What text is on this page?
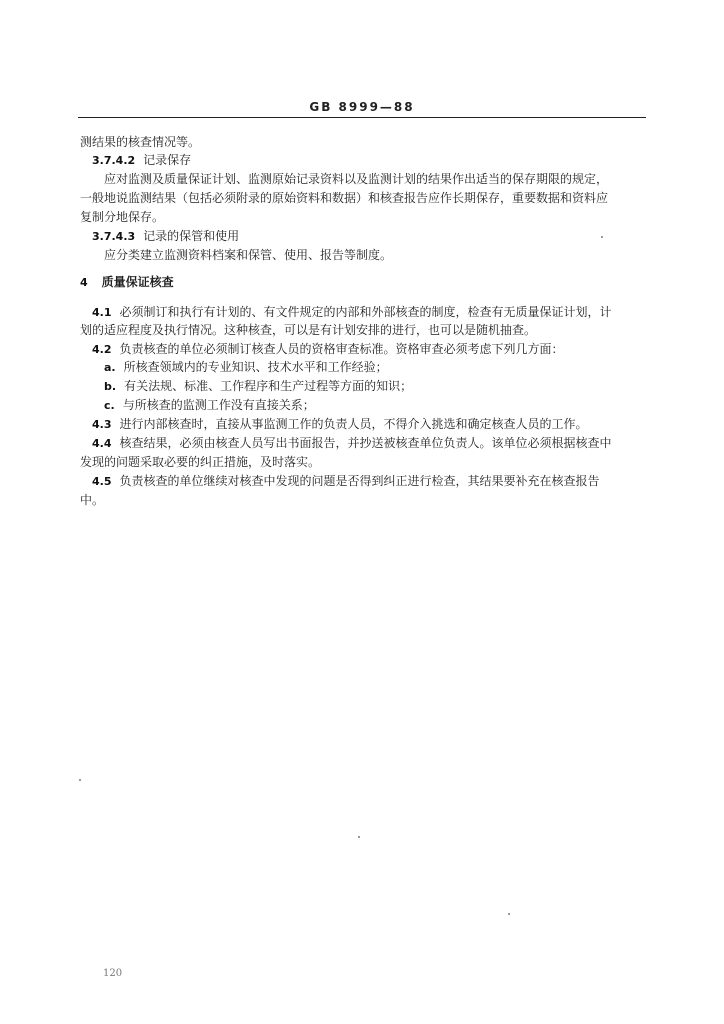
GB 8999—88
测结果的核查情况等。
3.7.4.2 记录保存
应对监测及质量保证计划、监测原始记录资料以及监测计划的结果作出适当的保存期限的规定，
一般地说监测结果（包括必须附录的原始资料和数据）和核查报告应作长期保存，重要数据和资料应
复制分地保存。
3.7.4.3 记录的保管和使用
应分类建立监测资料档案和保管、使用、报告等制度。
4 质量保证核查
4.1 必须制订和执行有计划的、有文件规定的内部和外部核查的制度，检查有无质量保证计划，计
划的适应程度及执行情况。这种核查，可以是有计划安排的进行，也可以是随机抽查。
4.2 负责核查的单位必须制订核查人员的资格审查标准。资格审查必须考虑下列几方面：
a. 所核查领域内的专业知识、技术水平和工作经验；
b. 有关法规、标准、工作程序和生产过程等方面的知识；
c. 与所核查的监测工作没有直接关系；
4.3 进行内部核查时，直接从事监测工作的负责人员，不得介入挑选和确定核查人员的工作。
4.4 核查结果，必须由核查人员写出书面报告，并抄送被核查单位负责人。该单位必须根据核查中
发现的问题采取必要的纠正措施，及时落实。
4.5 负责核查的单位继续对核查中发现的问题是否得到纠正进行检查，其结果要补充在核查报告
中。
120
